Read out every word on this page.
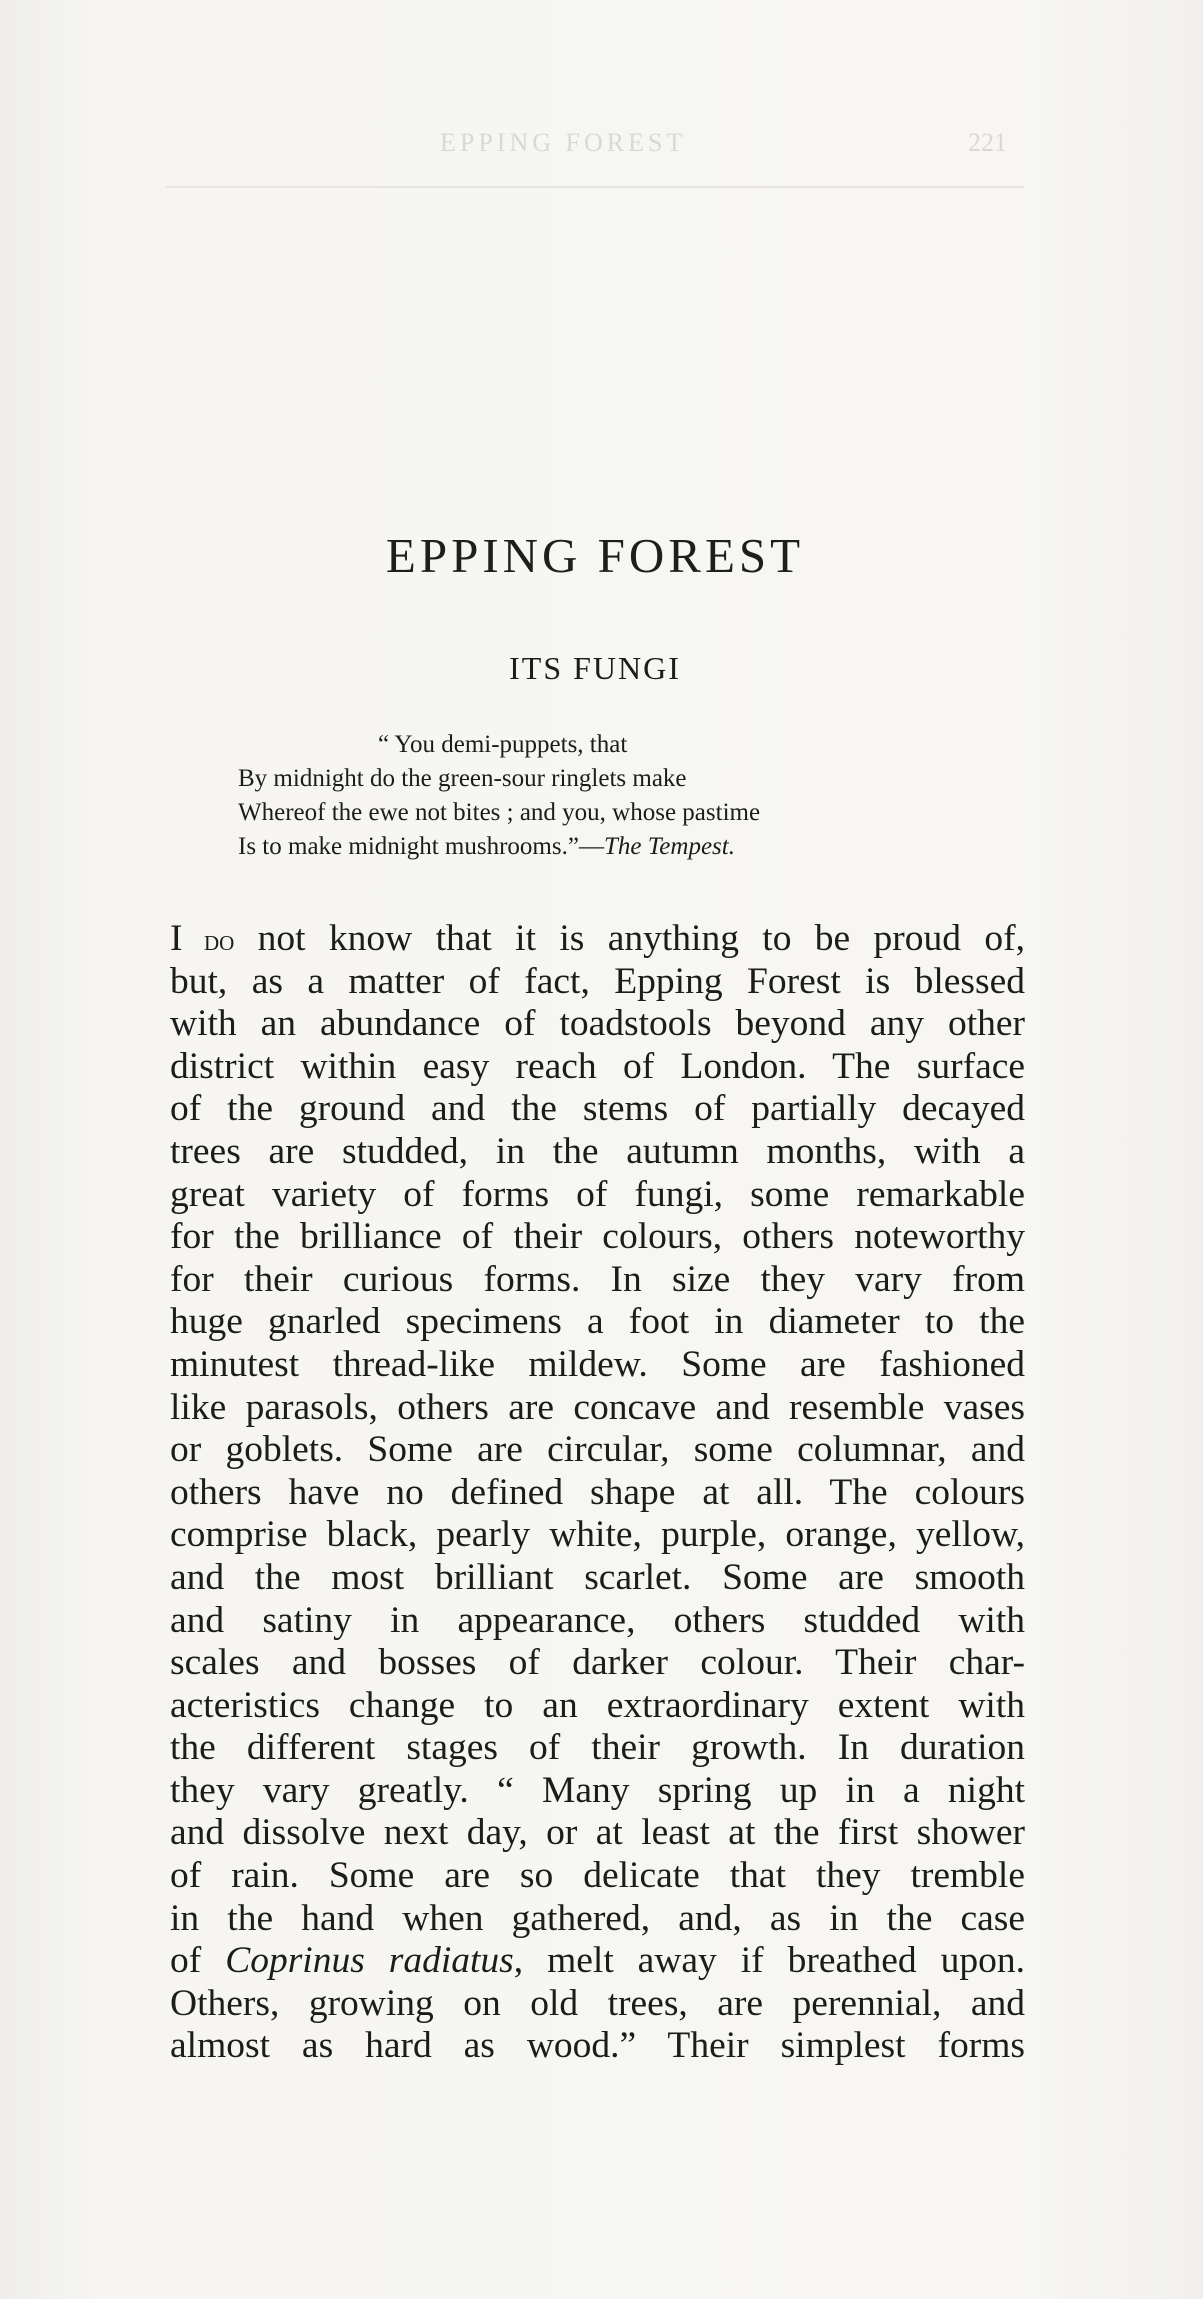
EPPING FOREST	221
EPPING FOREST
ITS FUNGI
“ You demi-puppets, that
By midnight do the green-sour ringlets make
Whereof the ewe not bites ; and you, whose pastime
Is to make midnight mushrooms.”—The Tempest.
I do not know that it is anything to be proud of,
but, as a matter of fact, Epping Forest is blessed
with an abundance of toadstools beyond any other
district within easy reach of London. The surface
of the ground and the stems of partially decayed
trees are studded, in the autumn months, with a
great variety of forms of fungi, some remarkable
for the brilliance of their colours, others noteworthy
for their curious forms. In size they vary from
huge gnarled specimens a foot in diameter to the
minutest thread-like mildew. Some are fashioned
like parasols, others are concave and resemble vases
or goblets. Some are circular, some columnar, and
others have no defined shape at all. The colours
comprise black, pearly white, purple, orange, yellow,
and the most brilliant scarlet. Some are smooth
and satiny in appearance, others studded with
scales and bosses of darker colour. Their char-
acteristics change to an extraordinary extent with
the different stages of their growth. In duration
they vary greatly. “ Many spring up in a night
and dissolve next day, or at least at the first shower
of rain. Some are so delicate that they tremble
in the hand when gathered, and, as in the case
of Coprinus radiatus, melt away if breathed upon.
Others, growing on old trees, are perennial, and
almost as hard as wood.” Their simplest forms
